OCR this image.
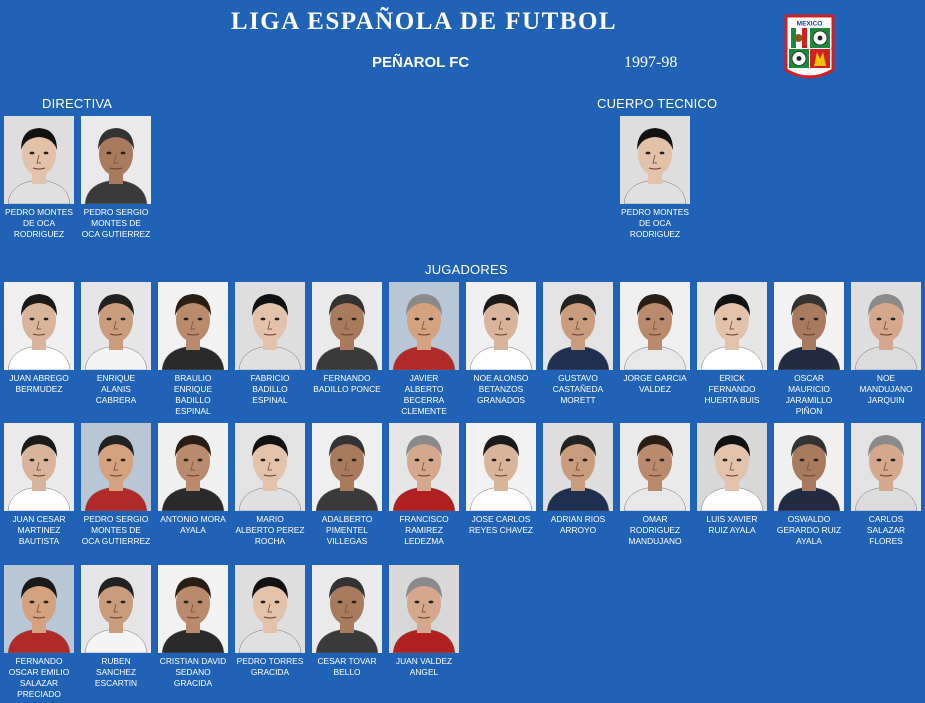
LIGA ESPAÑOLA DE FUTBOL
PEÑAROL FC	1997-98
MEXICO
DIRECTIVA	CUERPO TECNICO
JUGADORES
PEDRO MONTES
DE OCA
RODRIGUEZ
PEDRO SERGIO
MONTES DE
OCA GUTIERREZ
PEDRO MONTES
DE OCA
RODRIGUEZ
JUAN ABREGO
BERMUDEZ
ENRIQUE
ALANIS
CABRERA
BRAULIO
ENRIQUE
BADILLO
ESPINAL
FABRICIO
BADILLO
ESPINAL
FERNANDO
BADILLO PONCE
JAVIER
ALBERTO
BECERRA
CLEMENTE
NOE ALONSO
BETANZOS
GRANADOS
GUSTAVO
CASTAÑEDA
MORETT
JORGE GARCIA
VALDEZ
ERICK
FERNANDO
HUERTA BUIS
OSCAR
MAURICIO
JARAMILLO
PIÑON
NOE
MANDUJANO
JARQUIN
JUAN CESAR
MARTINEZ
BAUTISTA
PEDRO SERGIO
MONTES DE
OCA GUTIERREZ
ANTONIO MORA
AYALA
MARIO
ALBERTO PEREZ
ROCHA
ADALBERTO
PIMENTEL
VILLEGAS
FRANCISCO
RAMIREZ
LEDEZMA
JOSE CARLOS
REYES CHAVEZ
ADRIAN RIOS
ARROYO
OMAR
RODRIGUEZ
MANDUJANO
LUIS XAVIER
RUIZ AYALA
OSWALDO
GERARDO RUIZ
AYALA
CARLOS
SALAZAR
FLORES
FERNANDO
OSCAR EMILIO
SALAZAR
PRECIADO
RUBEN
SANCHEZ
ESCARTIN
CRISTIAN DAVID
SEDANO
GRACIDA
PEDRO TORRES
GRACIDA
CESAR TOVAR
BELLO
JUAN VALDEZ
ANGEL
